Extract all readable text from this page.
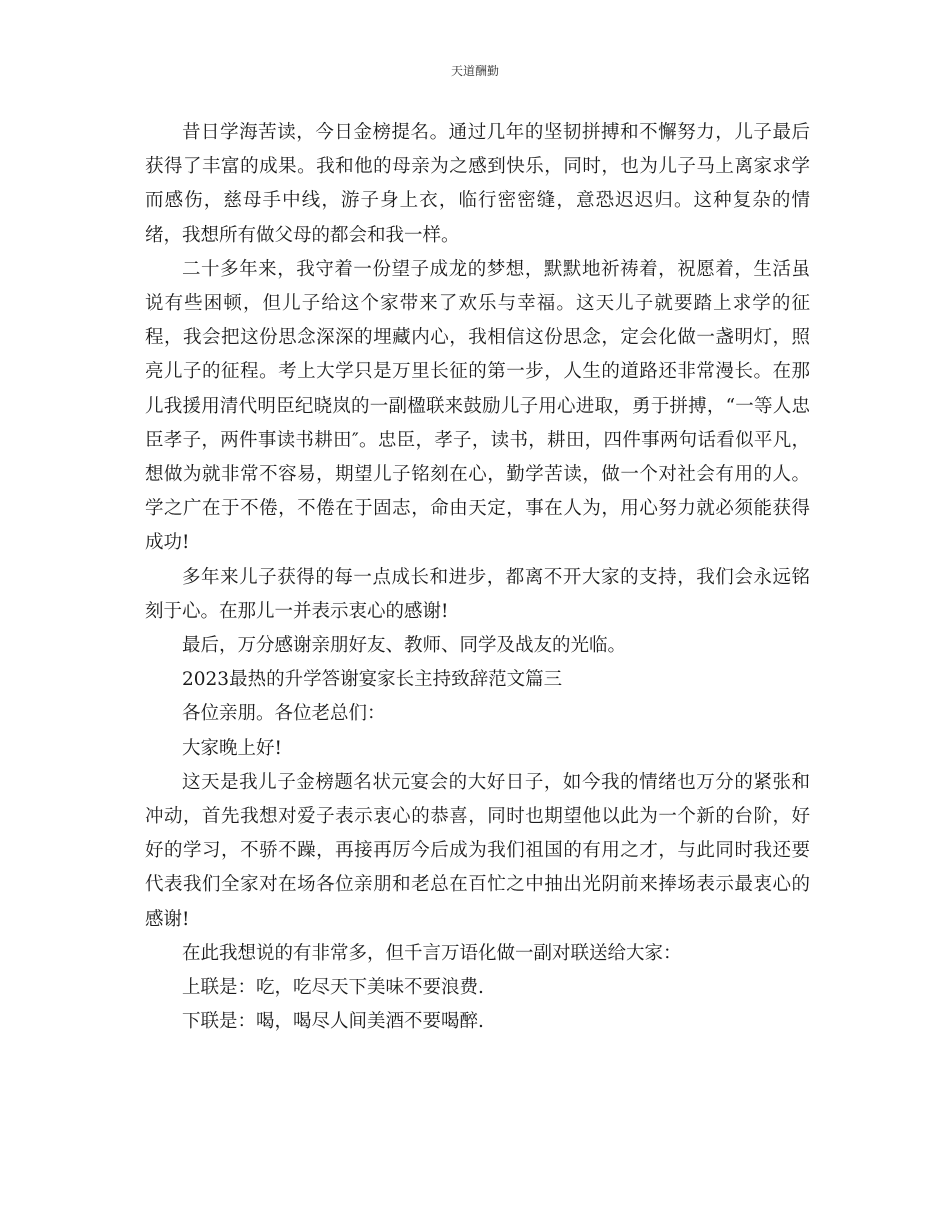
天道酬勤

昔日学海苦读，今日金榜提名。通过几年的坚韧拼搏和不懈努力，儿子最后获得了丰富的成果。我和他的母亲为之感到快乐，同时，也为儿子马上离家求学而感伤，慈母手中线，游子身上衣，临行密密缝，意恐迟迟归。这种复杂的情绪，我想所有做父母的都会和我一样。

二十多年来，我守着一份望子成龙的梦想，默默地祈祷着，祝愿着，生活虽说有些困顿，但儿子给这个家带来了欢乐与幸福。这天儿子就要踏上求学的征程，我会把这份思念深深的埋藏内心，我相信这份思念，定会化做一盏明灯，照亮儿子的征程。考上大学只是万里长征的第一步，人生的道路还非常漫长。在那儿我援用清代明臣纪晓岚的一副楹联来鼓励儿子用心进取，勇于拼搏，“一等人忠臣孝子，两件事读书耕田″。忠臣，孝子，读书，耕田，四件事两句话看似平凡，想做为就非常不容易，期望儿子铭刻在心，勤学苦读，做一个对社会有用的人。学之广在于不倦，不倦在于固志，命由天定，事在人为，用心努力就必须能获得成功!

多年来儿子获得的每一点成长和进步，都离不开大家的支持，我们会永远铭刻于心。在那儿一并表示衷心的感谢!

最后，万分感谢亲朋好友、教师、同学及战友的光临。

2023最热的升学答谢宴家长主持致辞范文篇三

各位亲朋。各位老总们：

大家晚上好!

这天是我儿子金榜题名状元宴会的大好日子，如今我的情绪也万分的紧张和冲动，首先我想对爱子表示衷心的恭喜，同时也期望他以此为一个新的台阶，好好的学习，不骄不躁，再接再厉今后成为我们祖国的有用之才，与此同时我还要代表我们全家对在场各位亲朋和老总在百忙之中抽出光阴前来捧场表示最衷心的感谢!

在此我想说的有非常多，但千言万语化做一副对联送给大家：

上联是：吃，吃尽天下美味不要浪费.

下联是：喝，喝尽人间美酒不要喝醉.
